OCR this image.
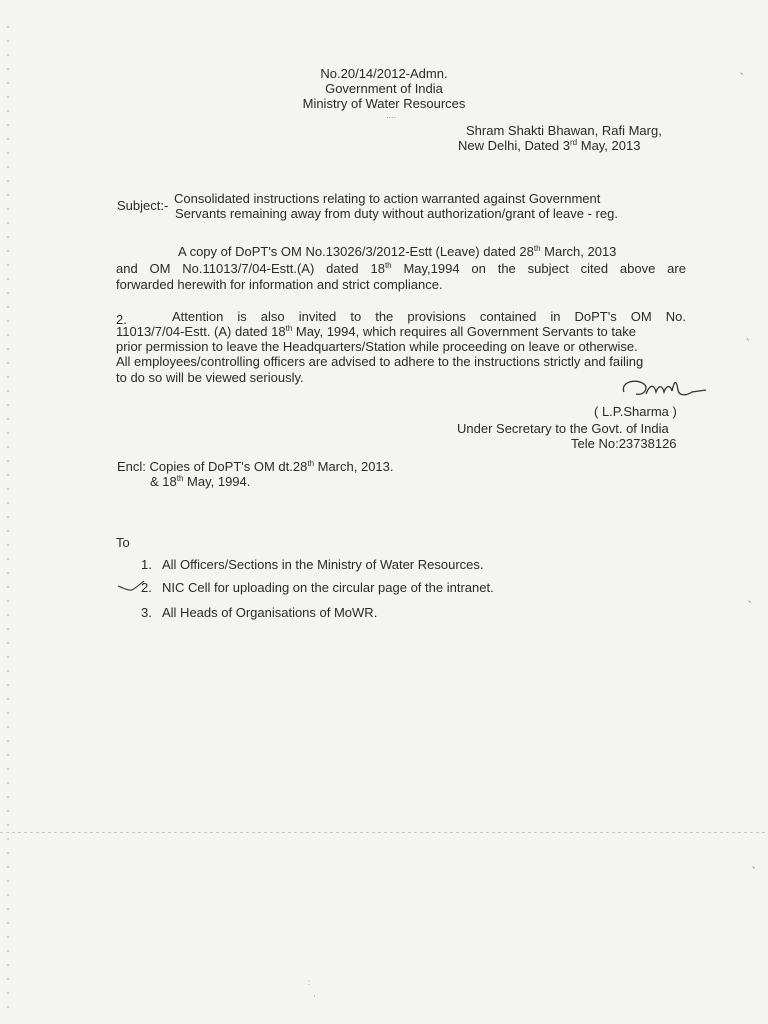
`
`
`
`
No.20/14/2012-Admn.
Government of India
Ministry of Water Resources
....
Shram Shakti Bhawan, Rafi Marg,
New Delhi, Dated 3rd May, 2013
Subject:- Consolidated instructions relating to action warranted against Government
Servants remaining away from duty without authorization/grant of leave - reg.
A copy of DoPT's OM No.13026/3/2012-Estt (Leave) dated 28th March, 2013
and OM No.11013/7/04-Estt.(A) dated 18th May,1994 on the subject cited above are
forwarded herewith for information and strict compliance.
2.	Attention is also invited to the provisions contained in DoPT's OM No.
11013/7/04-Estt. (A) dated 18th May, 1994, which requires all Government Servants to take
prior permission to leave the Headquarters/Station while proceeding on leave or otherwise.
All employees/controlling officers are advised to adhere to the instructions strictly and failing
to do so will be viewed seriously.
( L.P.Sharma )
Under Secretary to the Govt. of India
Tele No:23738126
Encl: Copies of DoPT's OM dt.28th March, 2013.
& 18th May, 1994.
To
1. All Officers/Sections in the Ministry of Water Resources.
2. NIC Cell for uploading on the circular page of the intranet.
3. All Heads of Organisations of MoWR.
:
'
